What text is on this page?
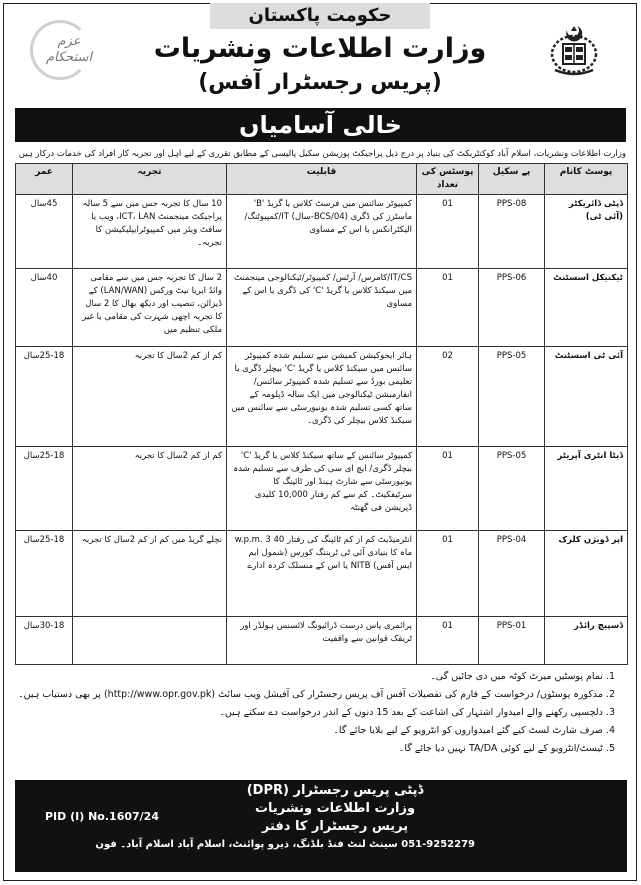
حکومت پاکستان
وزارت اطلاعات ونشریات
(پریس رجسٹرار آفس)
عزم استحکام
خالی آسامیاں
وزارت اطلاعات ونشریات، اسلام آباد کوکنٹریکٹ کی بنیاد پر درج ذیل پراجیکٹ پوزیشن سکیل پالیسی کے مطابق تقرری کے لیے اہل اور تجربہ کار افراد کی خدمات درکار ہیں
پوسٹ کانام	پے سکیل	پوسٹس کی تعداد	قابلیت	تجربہ	عمر
ڈپٹی ڈائریکٹر (آئی ٹی)	PPS-08	01	کمپیوٹر سائنس میں فرسٹ کلاس یا گریڈ 'B' ماسٹرز کی ڈگری (BCS/04-سال) IT/کمپیوٹنگ/الیکٹرانکس یا اس کے مساوی	10 سال کا تجربہ جس میں سے 5 سالہ پراجیکٹ مینجمنٹ ICT، LAN، ویب یا سافٹ ویئر میں کمپیوٹرایپلیکیشن کا تجربہ۔	45سال
ٹیکنیکل اسسٹنٹ	PPS-06	01	IT/CS/کامرس/ آرٹس/ کمپیوٹر/ٹیکنالوجی مینجمنٹ میں سیکنڈ کلاس یا گریڈ 'C' کی ڈگری یا اس کے مساوی	2 سال کا تجربہ جس میں سے مقامی وائڈ ایریا نیٹ ورکس (LAN/WAN) کے ڈیزائن، تنصیب اور دیکھ بھال کا 2 سال کا تجربہ اچھی شہرت کی مقامی یا غیر ملکی تنظیم میں	40سال
آئی ٹی اسسٹنٹ	PPS-05	02	ہائر ایجوکیشن کمیشن سے تسلیم شدہ کمپیوٹر سائنس میں سیکنڈ کلاس یا گریڈ 'C' بیچلر ڈگری یا تعلیمی بورڈ سے تسلیم شدہ کمپیوٹر سائنس/ انفارمیشن ٹیکنالوجی میں ایک سالہ ڈپلومہ کے ساتھ کسی تسلیم شدہ یونیورسٹی سے سائنس میں سیکنڈ کلاس بیچلر کی ڈگری۔	کم از کم 2سال کا تجربہ	25-18سال
ڈیٹا انٹری آپریٹر	PPS-05	01	کمپیوٹر سائنس کے ساتھ سیکنڈ کلاس یا گریڈ 'C' بیچلر ڈگری/ ایچ ای سی کی طرف سے تسلیم شدہ یونیورسٹی سے شارٹ ہینڈ اور ٹائپنگ کا سرٹیفکیٹ۔ کم سے کم رفتار 10,000 کلیدی ڈپریشن فی گھنٹہ	کم از کم 2سال کا تجربہ	25-18سال
اپر ڈویژن کلرک	PPS-04	01	انٹرمیڈیٹ کم از کم ٹائپنگ کی رفتار 40 w.p.m. 3 ماہ کا بنیادی آئی ٹی ٹریننگ کورس (شمول ایم ایس آفس) NITB یا اس کے منسلک کردہ ادارے	نچلے گریڈ میں کم از کم 2سال کا تجربہ	25-18سال
ڈسپیچ رائڈر	PPS-01	01	پرائمری پاس درست ڈرائیونگ لائسنس ہولڈر اور ٹریفک قوانین سے واقفیت		30-18سال
1. تمام پوسٹیں میرٹ کوٹہ میں دی جائیں گی۔
2. مذکورہ پوسٹوں/ درخواست کے فارم کی تفصیلات آفس آف پریس رجسٹرار کی آفیشل ویب سائٹ (http://www.opr.gov.pk) پر بھی دستیاب ہیں۔
3. دلچسپی رکھنے والے امیدوار اشتہار کی اشاعت کے بعد 15 دنوں کے اندر درخواست دے سکتے ہیں۔
4. صرف شارٹ لسٹ کیے گئے امیدواروں کو انٹرویو کے لیے بلایا جائے گا۔
5. ٹیسٹ/انٹرویو کے لیے کوئی TA/DA نہیں دیا جائے گا۔
PID (I) No.1607/24
ڈپٹی پریس رجسٹرار (DPR)
وزارت اطلاعات ونشریات
پریس رجسٹرار کا دفتر
051-9252279 سینٹ لنٹ فنڈ بلڈنگ، ذیرو پوائنٹ، اسلام آباد اسلام آباد۔ فون
